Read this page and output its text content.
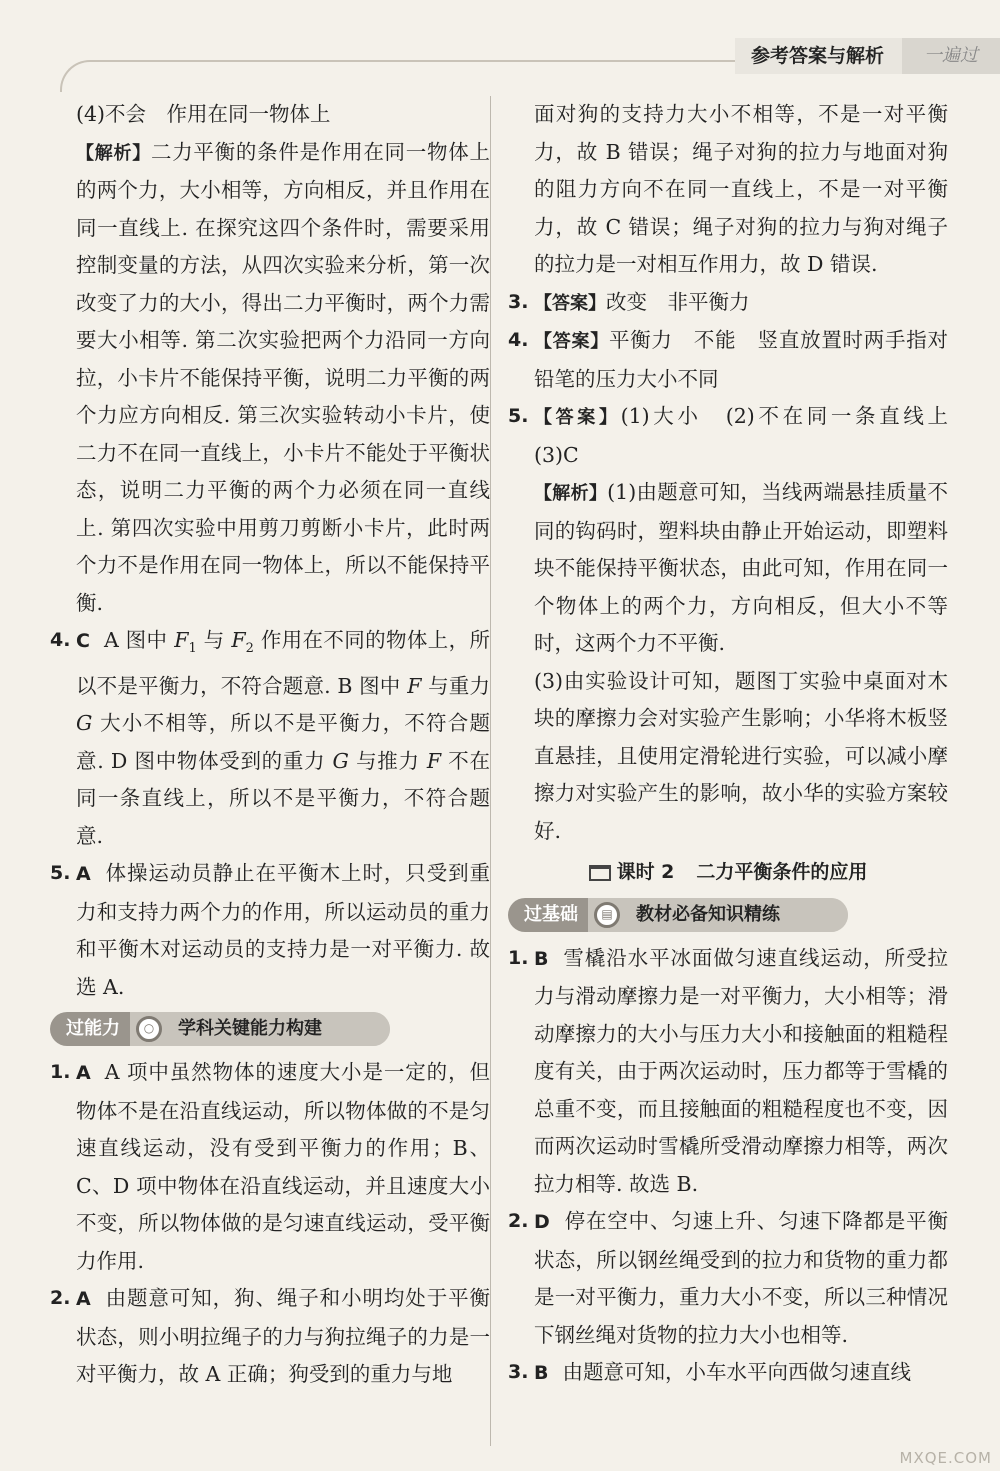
参考答案与解析	一遍过

(4)不会　作用在同一物体上

【解析】二力平衡的条件是作用在同一物体上的两个力，大小相等，方向相反，并且作用在同一直线上. 在探究这四个条件时，需要采用控制变量的方法，从四次实验来分析，第一次改变了力的大小，得出二力平衡时，两个力需要大小相等. 第二次实验把两个力沿同一方向拉，小卡片不能保持平衡，说明二力平衡的两个力应方向相反. 第三次实验转动小卡片，使二力不在同一直线上，小卡片不能处于平衡状态，说明二力平衡的两个力必须在同一直线上. 第四次实验中用剪刀剪断小卡片，此时两个力不是作用在同一物体上，所以不能保持平衡.

4. C A 图中 $F_1$ 与 $F_2$ 作用在不同的物体上，所以不是平衡力，不符合题意. B 图中 F 与重力 G 大小不相等，所以不是平衡力，不符合题意. D 图中物体受到的重力 G 与推力 F 不在同一条直线上，所以不是平衡力，不符合题意.
5. A 体操运动员静止在平衡木上时，只受到重力和支持力两个力的作用，所以运动员的重力和平衡木对运动员的支持力是一对平衡力. 故选 A.
过能力	○	学科关键能力构建
1. A A 项中虽然物体的速度大小是一定的，但物体不是在沿直线运动，所以物体做的不是匀速直线运动，没有受到平衡力的作用；B、C、D 项中物体在沿直线运动，并且速度大小不变，所以物体做的是匀速直线运动，受平衡力作用.
2. A 由题意可知，狗、绳子和小明均处于平衡状态，则小明拉绳子的力与狗拉绳子的力是一对平衡力，故 A 正确；狗受到的重力与地

面对狗的支持力大小不相等，不是一对平衡力，故 B 错误；绳子对狗的拉力与地面对狗的阻力方向不在同一直线上，不是一对平衡力，故 C 错误；绳子对狗的拉力与狗对绳子的拉力是一对相互作用力，故 D 错误.

3. 【答案】改变　非平衡力
4. 【答案】平衡力　不能　竖直放置时两手指对铅笔的压力大小不同
5. 【答案】(1)大小　(2)不在同一条直线上　(3)C

【解析】(1)由题意可知，当线两端悬挂质量不同的钩码时，塑料块由静止开始运动，即塑料块不能保持平衡状态，由此可知，作用在同一个物体上的两个力，方向相反，但大小不等时，这两个力不平衡.

(3)由实验设计可知，题图丁实验中桌面对木块的摩擦力会对实验产生影响；小华将木板竖直悬挂，且使用定滑轮进行实验，可以减小摩擦力对实验产生的影响，故小华的实验方案较好.

课时 2 二力平衡条件的应用
过基础	▤	教材必备知识精练
1. B 雪橇沿水平冰面做匀速直线运动，所受拉力与滑动摩擦力是一对平衡力，大小相等；滑动摩擦力的大小与压力大小和接触面的粗糙程度有关，由于两次运动时，压力都等于雪橇的总重不变，而且接触面的粗糙程度也不变，因而两次运动时雪橇所受滑动摩擦力相等，两次拉力相等. 故选 B.
2. D 停在空中、匀速上升、匀速下降都是平衡状态，所以钢丝绳受到的拉力和货物的重力都是一对平衡力，重力大小不变，所以三种情况下钢丝绳对货物的拉力大小也相等.
3. B 由题意可知，小车水平向西做匀速直线
MXQE.COM
